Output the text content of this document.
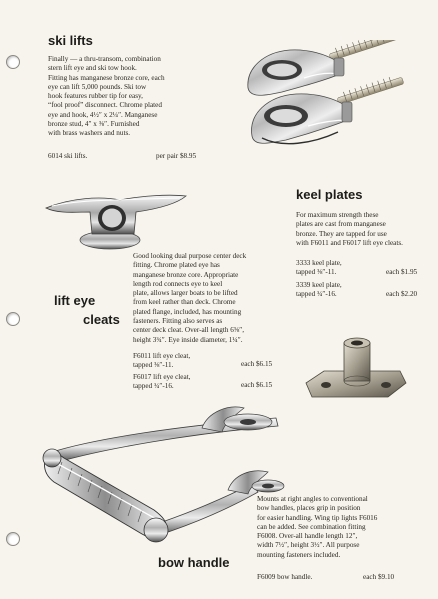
ski lifts
Finally — a thru-transom, combination
stern lift eye and ski tow hook.
Fitting has manganese bronze core, each
eye can lift 5,000 pounds. Ski tow
hook features rubber tip for easy,
“fool proof” disconnect. Chrome plated
eye and hook, 4½″ x 2¼″. Manganese
bronze stud, 4″ x ⅜″. Furnished
with brass washers and nuts.
6014 ski lifts.	per pair $8.95
keel plates
For maximum strength these
plates are cast from manganese
bronze. They are tapped for use
with F6011 and F6017 lift eye cleats.
3333 keel plate,
tapped ⅜″-11.	each $1.95
3339 keel plate,
tapped ¾″-16.	each $2.20
lift eye
cleats
Good looking dual purpose center deck
fitting. Chrome plated eye has
manganese bronze core. Appropriate
length rod connects eye to keel
plate, allows larger boats to be lifted
from keel rather than deck. Chrome
plated flange, included, has mounting
fasteners. Fitting also serves as
center deck cleat. Over-all length 6⅝″,
height 3¾″. Eye inside diameter, 1¼″.
F6011 lift eye cleat,
tapped ⅜″-11.	each $6.15
F6017 lift eye cleat,
tapped ¾″-16.	each $6.15
bow handle
Mounts at right angles to conventional
bow handles, places grip in position
for easier handling. Wing tip lights F6016
can be added. See combination fitting
F6008. Over-all handle length 12″,
width 7½″, height 3½″. All purpose
mounting fasteners included.
F6009 bow handle.	each $9.10
